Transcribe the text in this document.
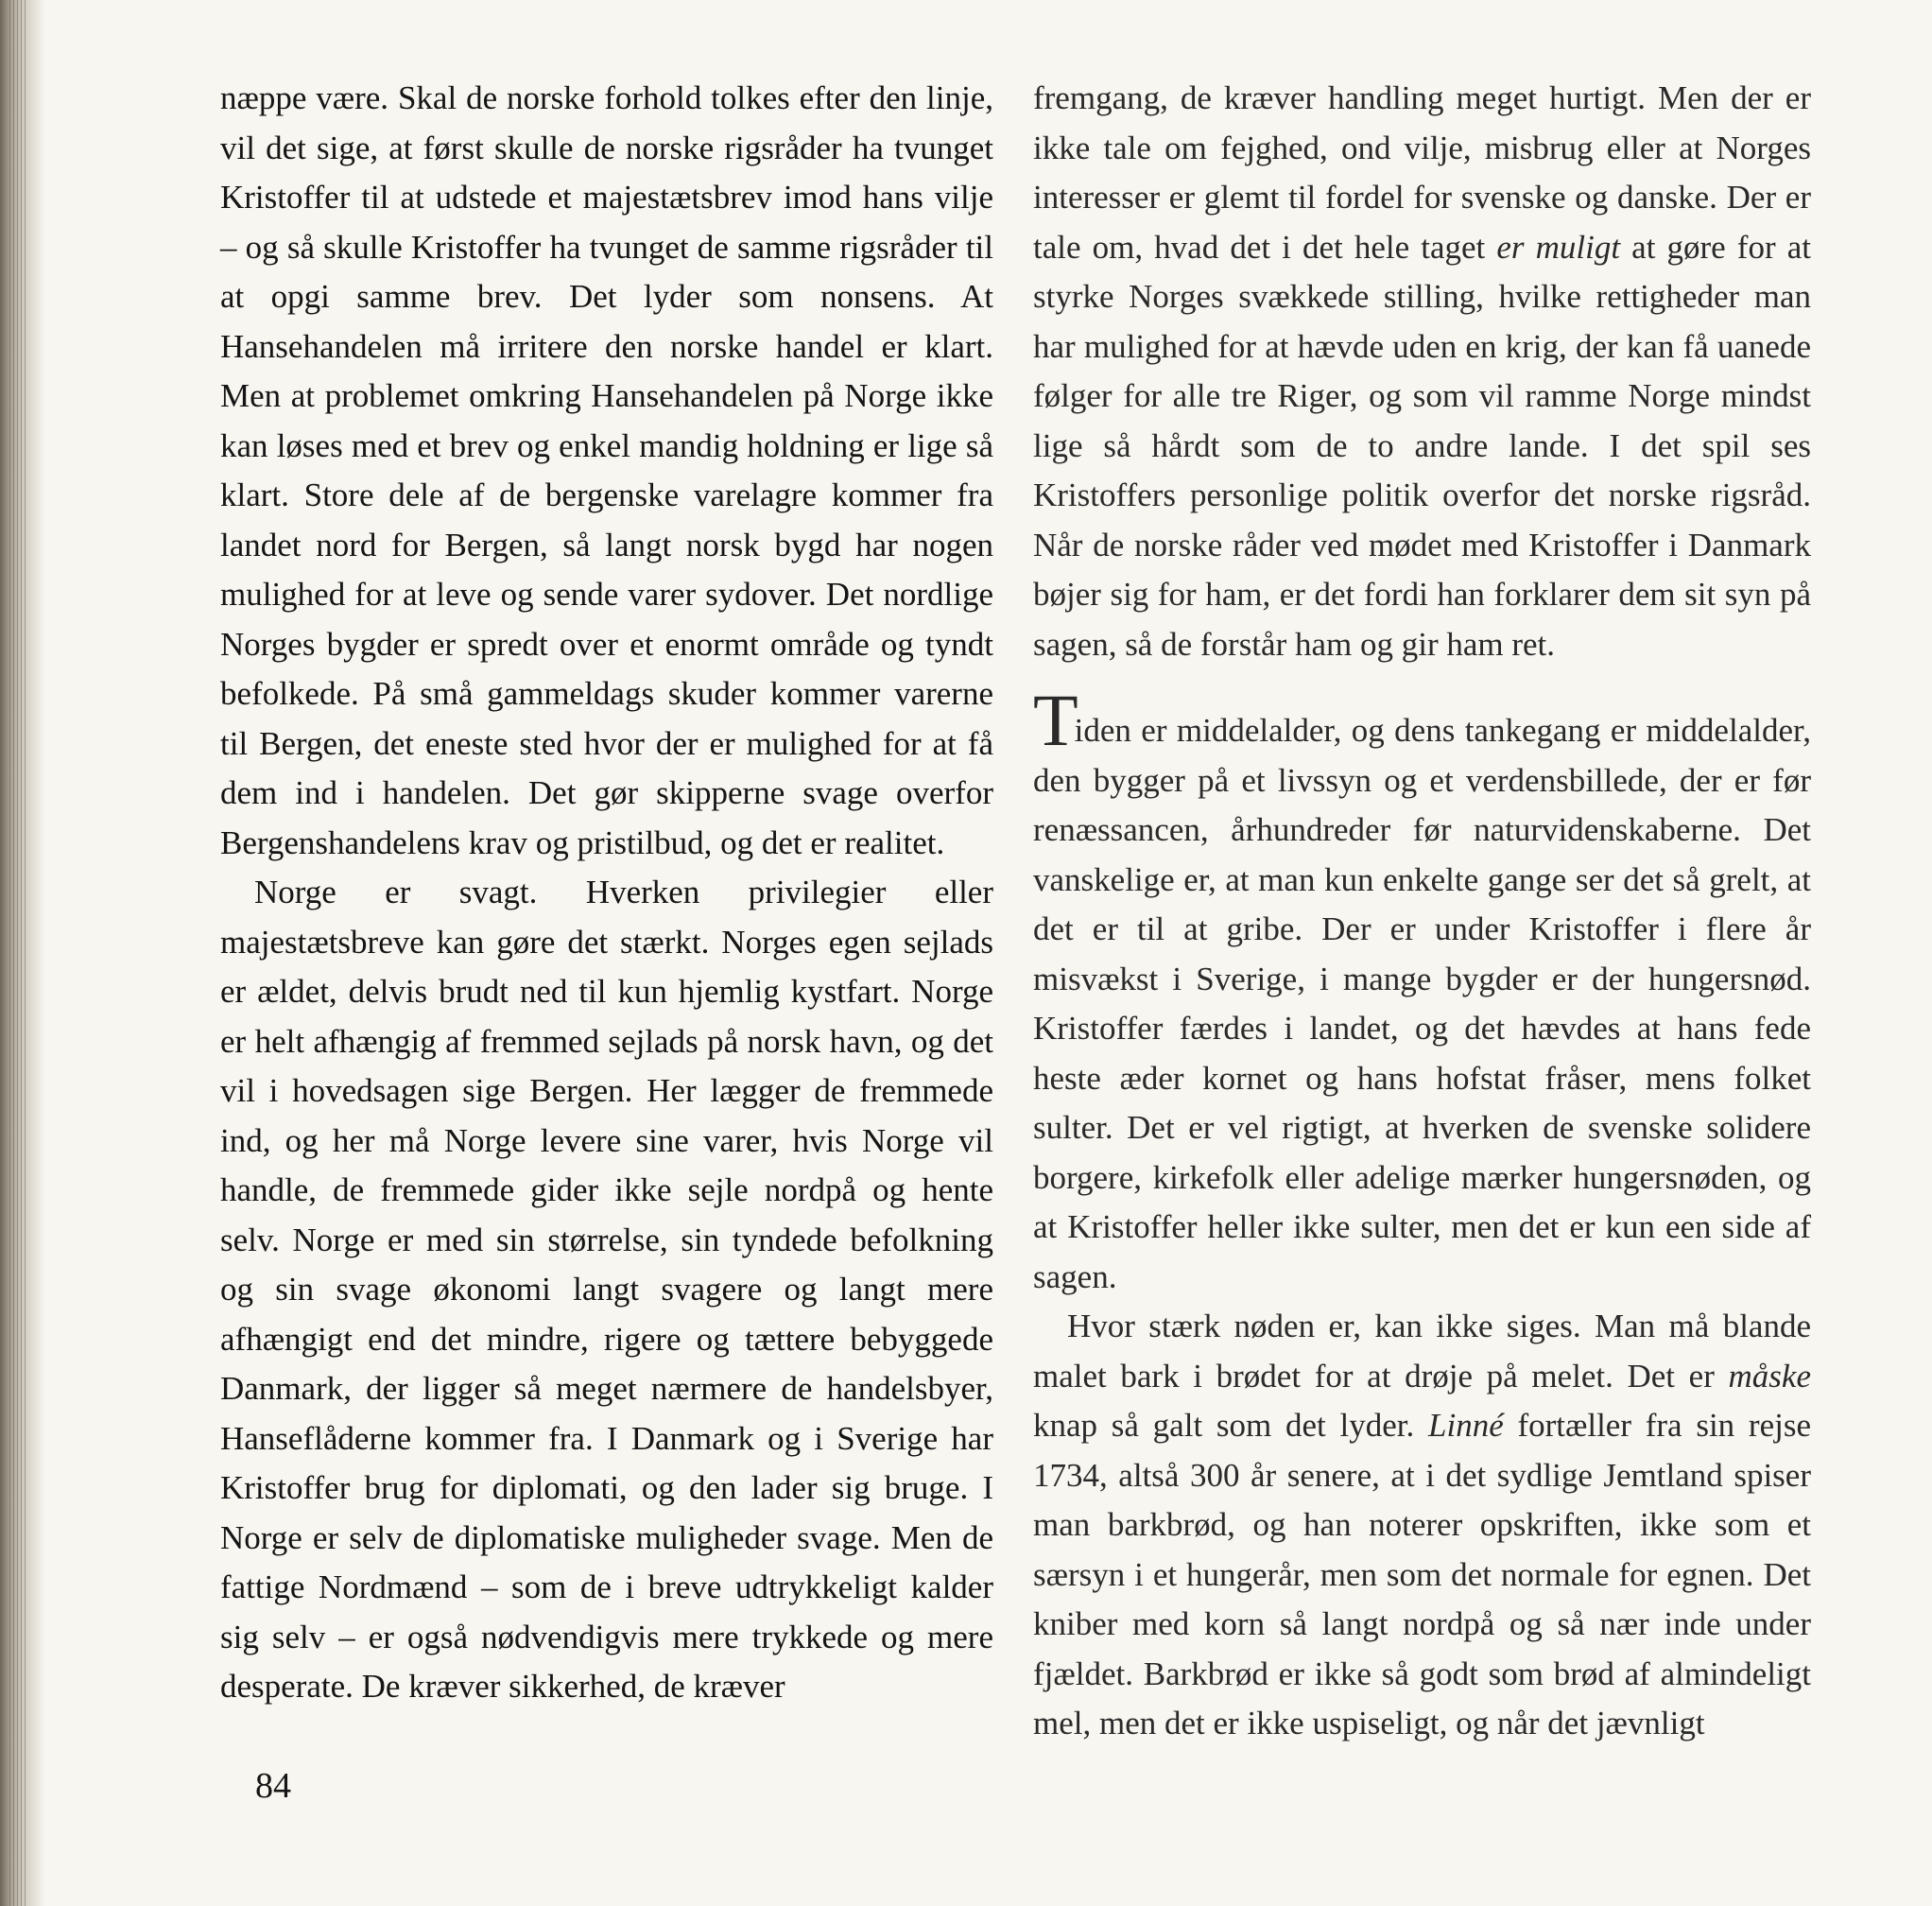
næppe være. Skal de norske forhold tolkes efter den linje, vil det sige, at først skulle de norske rigsråder ha tvunget Kristoffer til at udstede et majestætsbrev imod hans vilje – og så skulle Kristoffer ha tvunget de samme rigsråder til at opgi samme brev. Det lyder som nonsens. At Hansehandelen må irritere den norske handel er klart. Men at problemet omkring Hansehandelen på Norge ikke kan løses med et brev og enkel mandig holdning er lige så klart. Store dele af de bergenske varelagre kommer fra landet nord for Bergen, så langt norsk bygd har nogen mulighed for at leve og sende varer sydover. Det nordlige Norges bygder er spredt over et enormt område og tyndt befolkede. På små gammeldags skuder kommer varerne til Bergen, det eneste sted hvor der er mulighed for at få dem ind i handelen. Det gør skipperne svage overfor Bergenshandelens krav og pristilbud, og det er realitet.

Norge er svagt. Hverken privilegier eller majestætsbreve kan gøre det stærkt. Norges egen sejlads er ældet, delvis brudt ned til kun hjemlig kystfart. Norge er helt afhængig af fremmed sejlads på norsk havn, og det vil i hovedsagen sige Bergen. Her lægger de fremmede ind, og her må Norge levere sine varer, hvis Norge vil handle, de fremmede gider ikke sejle nordpå og hente selv. Norge er med sin størrelse, sin tyndede befolkning og sin svage økonomi langt svagere og langt mere afhængigt end det mindre, rigere og tættere bebyggede Danmark, der ligger så meget nærmere de handelsbyer, Hanseflåderne kommer fra. I Danmark og i Sverige har Kristoffer brug for diplomati, og den lader sig bruge. I Norge er selv de diplomatiske muligheder svage. Men de fattige Nordmænd – som de i breve udtrykkeligt kalder sig selv – er også nødvendigvis mere trykkede og mere desperate. De kræver sikkerhed, de kræver

fremgang, de kræver handling meget hurtigt. Men der er ikke tale om fejghed, ond vilje, misbrug eller at Norges interesser er glemt til fordel for svenske og danske. Der er tale om, hvad det i det hele taget er muligt at gøre for at styrke Norges svækkede stilling, hvilke rettigheder man har mulighed for at hævde uden en krig, der kan få uanede følger for alle tre Riger, og som vil ramme Norge mindst lige så hårdt som de to andre lande. I det spil ses Kristoffers personlige politik overfor det norske rigsråd. Når de norske råder ved mødet med Kristoffer i Danmark bøjer sig for ham, er det fordi han forklarer dem sit syn på sagen, så de forstår ham og gir ham ret.

Tiden er middelalder, og dens tankegang er middelalder, den bygger på et livssyn og et verdensbillede, der er før renæssancen, århundreder før naturvidenskaberne. Det vanskelige er, at man kun enkelte gange ser det så grelt, at det er til at gribe. Der er under Kristoffer i flere år misvækst i Sverige, i mange bygder er der hungersnød. Kristoffer færdes i landet, og det hævdes at hans fede heste æder kornet og hans hofstat fråser, mens folket sulter. Det er vel rigtigt, at hverken de svenske solidere borgere, kirkefolk eller adelige mærker hungersnøden, og at Kristoffer heller ikke sulter, men det er kun een side af sagen.

Hvor stærk nøden er, kan ikke siges. Man må blande malet bark i brødet for at drøje på melet. Det er måske knap så galt som det lyder. Linné fortæller fra sin rejse 1734, altså 300 år senere, at i det sydlige Jemtland spiser man barkbrød, og han noterer opskriften, ikke som et særsyn i et hungerår, men som det normale for egnen. Det kniber med korn så langt nordpå og så nær inde under fjældet. Barkbrød er ikke så godt som brød af almindeligt mel, men det er ikke uspiseligt, og når det jævnligt

84
